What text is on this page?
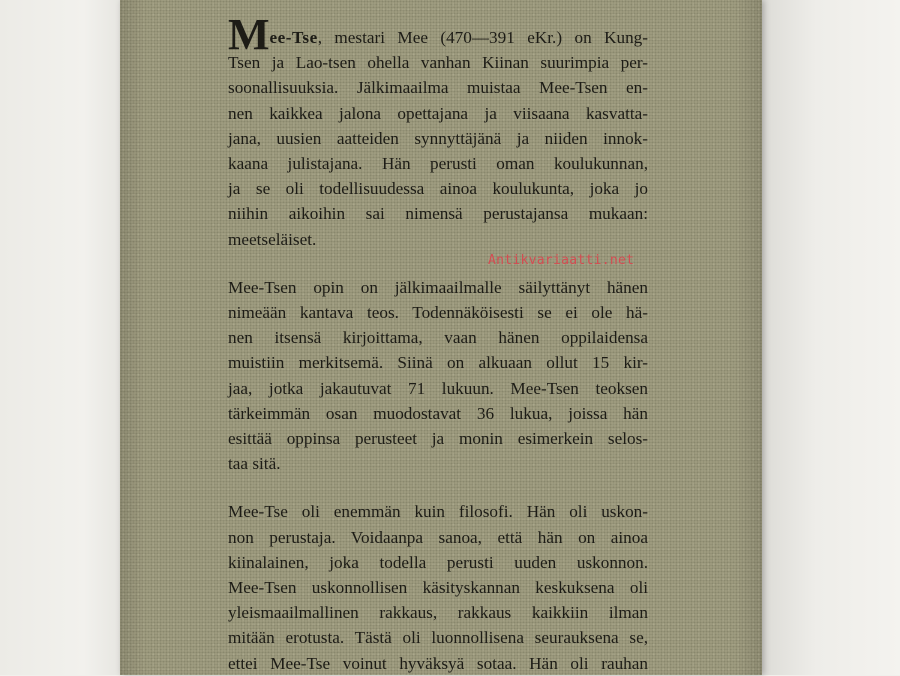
Mee-Tse, mestari Mee (470—391 eKr.) on Kung-
Tsen ja Lao-tsen ohella vanhan Kiinan suurimpia per-
soonallisuuksia. Jälkimaailma muistaa Mee-Tsen en-
nen kaikkea jalona opettajana ja viisaana kasvatta-
jana, uusien aatteiden synnyttäjänä ja niiden innok-
kaana julistajana. Hän perusti oman koulukunnan,
ja se oli todellisuudessa ainoa koulukunta, joka jo
niihin aikoihin sai nimensä perustajansa mukaan:
meetseläiset.
Mee-Tsen opin on jälkimaailmalle säilyttänyt hänen
nimeään kantava teos. Todennäköisesti se ei ole hä-
nen itsensä kirjoittama, vaan hänen oppilaidensa
muistiin merkitsemä. Siinä on alkuaan ollut 15 kir-
jaa, jotka jakautuvat 71 lukuun. Mee-Tsen teoksen
tärkeimmän osan muodostavat 36 lukua, joissa hän
esittää oppinsa perusteet ja monin esimerkein selos-
taa sitä.
Mee-Tse oli enemmän kuin filosofi. Hän oli uskon-
non perustaja. Voidaanpa sanoa, että hän on ainoa
kiinalainen, joka todella perusti uuden uskonnon.
Mee-Tsen uskonnollisen käsityskannan keskuksena oli
yleismaailmallinen rakkaus, rakkaus kaikkiin ilman
mitään erotusta. Tästä oli luonnollisena seurauksena se,
ettei Mee-Tse voinut hyväksyä sotaa. Hän oli rauhan
Antikvariaatti.net
